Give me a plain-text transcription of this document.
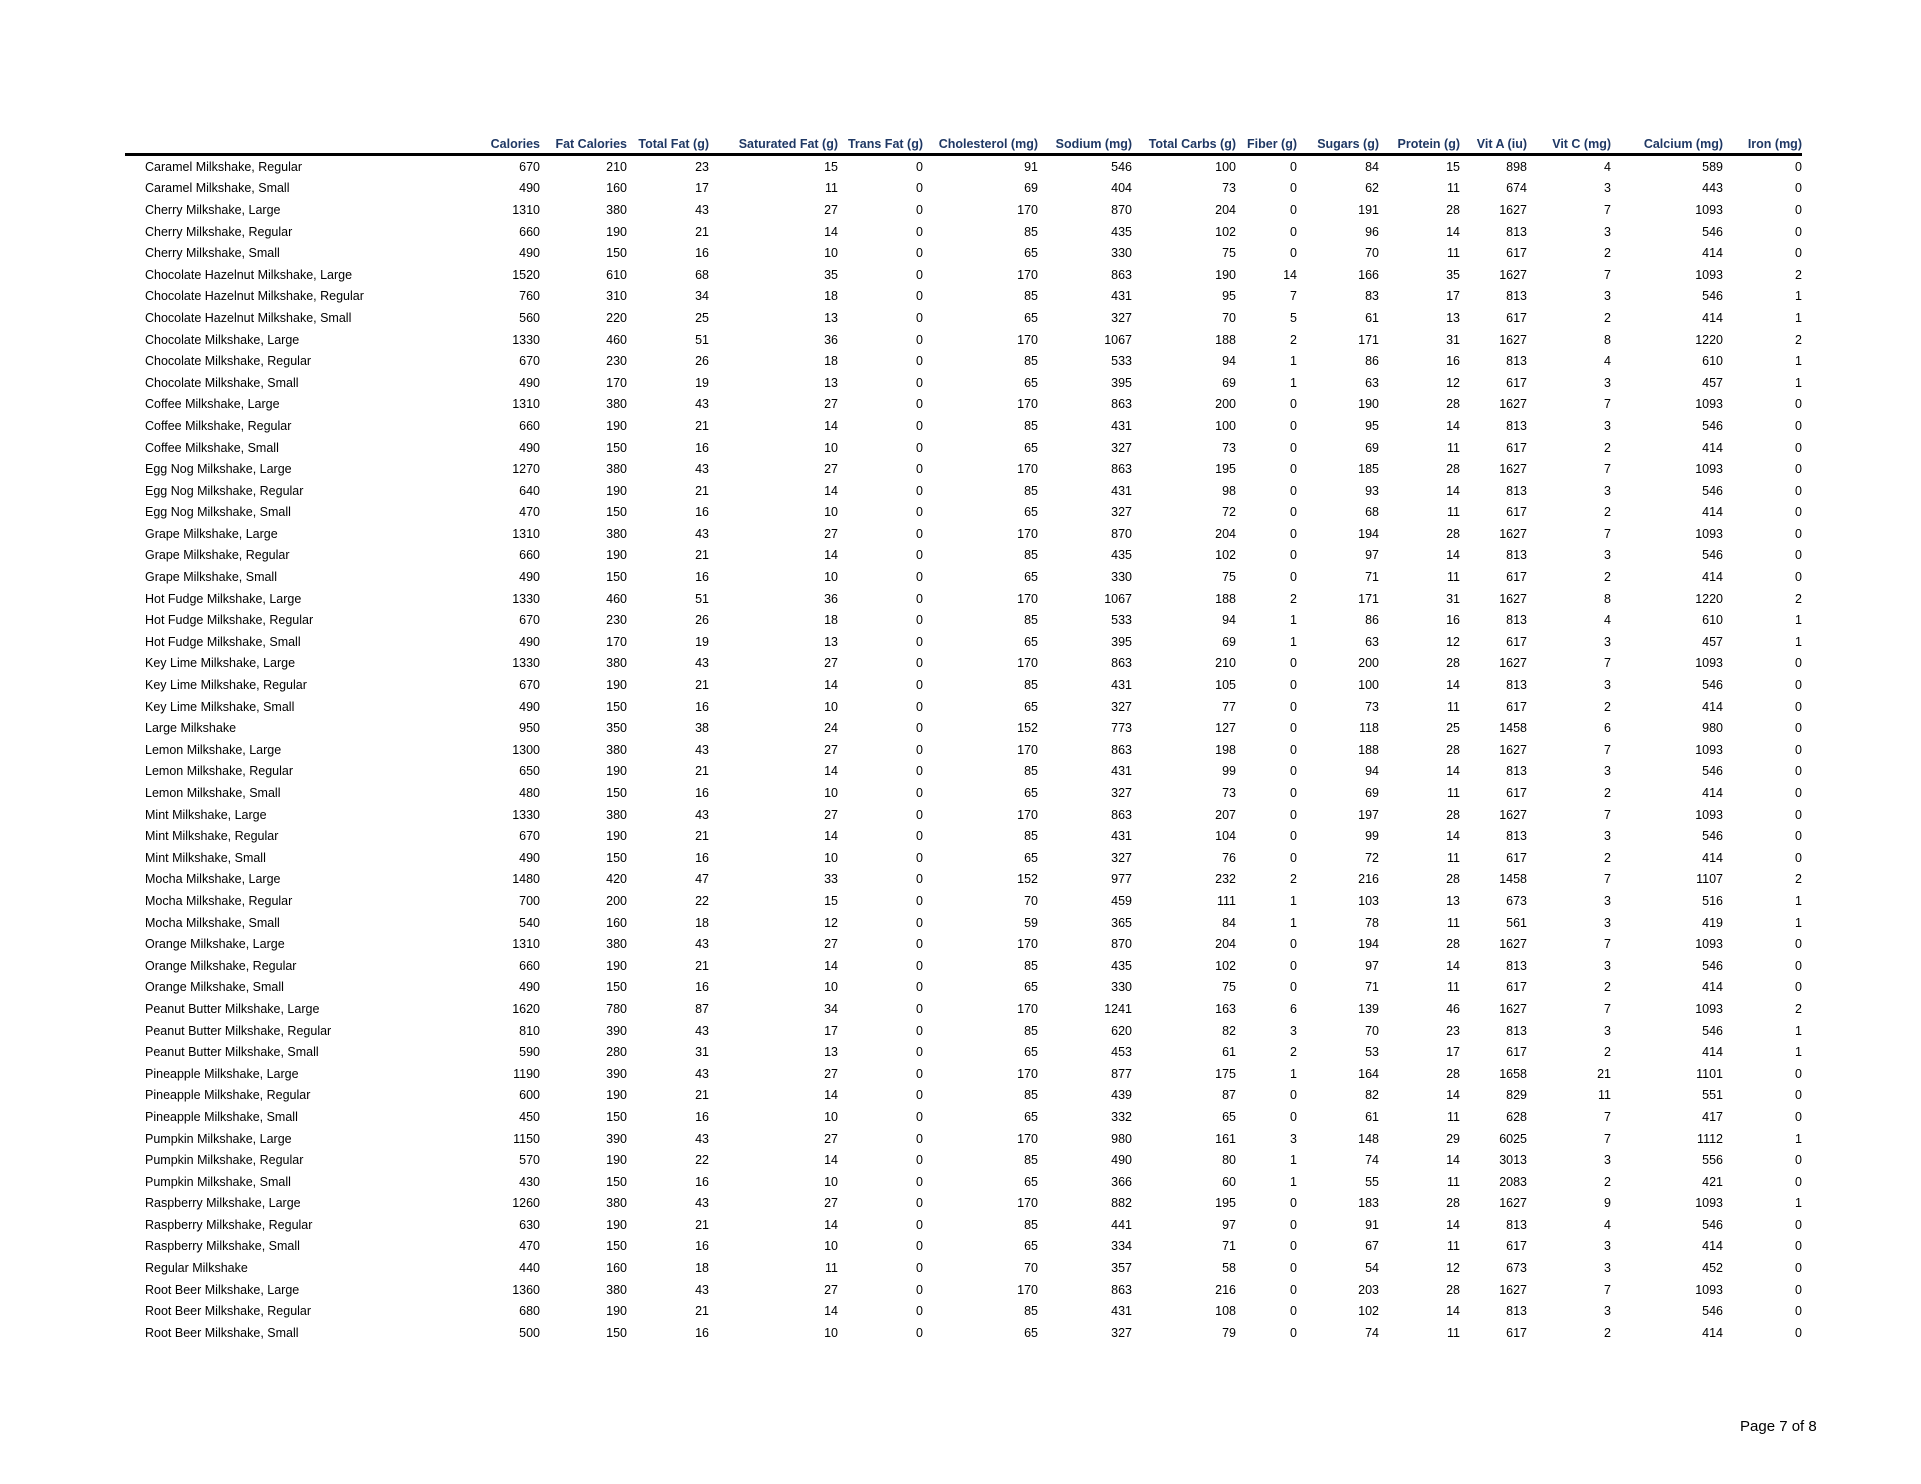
	Calories	Fat Calories	Total Fat (g)	Saturated Fat (g)	Trans Fat (g)	Cholesterol (mg)	Sodium (mg)	Total Carbs (g)	Fiber (g)	Sugars (g)	Protein (g)	Vit A (iu)	Vit C (mg)	Calcium (mg)	Iron (mg)
Caramel Milkshake, Regular	670	210	23	15	0	91	546	100	0	84	15	898	4	589	0
Caramel Milkshake, Small	490	160	17	11	0	69	404	73	0	62	11	674	3	443	0
Cherry Milkshake, Large	1310	380	43	27	0	170	870	204	0	191	28	1627	7	1093	0
Cherry Milkshake, Regular	660	190	21	14	0	85	435	102	0	96	14	813	3	546	0
Cherry Milkshake, Small	490	150	16	10	0	65	330	75	0	70	11	617	2	414	0
Chocolate Hazelnut Milkshake, Large	1520	610	68	35	0	170	863	190	14	166	35	1627	7	1093	2
Chocolate Hazelnut Milkshake, Regular	760	310	34	18	0	85	431	95	7	83	17	813	3	546	1
Chocolate Hazelnut Milkshake, Small	560	220	25	13	0	65	327	70	5	61	13	617	2	414	1
Chocolate Milkshake, Large	1330	460	51	36	0	170	1067	188	2	171	31	1627	8	1220	2
Chocolate Milkshake, Regular	670	230	26	18	0	85	533	94	1	86	16	813	4	610	1
Chocolate Milkshake, Small	490	170	19	13	0	65	395	69	1	63	12	617	3	457	1
Coffee Milkshake, Large	1310	380	43	27	0	170	863	200	0	190	28	1627	7	1093	0
Coffee Milkshake, Regular	660	190	21	14	0	85	431	100	0	95	14	813	3	546	0
Coffee Milkshake, Small	490	150	16	10	0	65	327	73	0	69	11	617	2	414	0
Egg Nog Milkshake, Large	1270	380	43	27	0	170	863	195	0	185	28	1627	7	1093	0
Egg Nog Milkshake, Regular	640	190	21	14	0	85	431	98	0	93	14	813	3	546	0
Egg Nog Milkshake, Small	470	150	16	10	0	65	327	72	0	68	11	617	2	414	0
Grape Milkshake, Large	1310	380	43	27	0	170	870	204	0	194	28	1627	7	1093	0
Grape Milkshake, Regular	660	190	21	14	0	85	435	102	0	97	14	813	3	546	0
Grape Milkshake, Small	490	150	16	10	0	65	330	75	0	71	11	617	2	414	0
Hot Fudge Milkshake, Large	1330	460	51	36	0	170	1067	188	2	171	31	1627	8	1220	2
Hot Fudge Milkshake, Regular	670	230	26	18	0	85	533	94	1	86	16	813	4	610	1
Hot Fudge Milkshake, Small	490	170	19	13	0	65	395	69	1	63	12	617	3	457	1
Key Lime Milkshake, Large	1330	380	43	27	0	170	863	210	0	200	28	1627	7	1093	0
Key Lime Milkshake, Regular	670	190	21	14	0	85	431	105	0	100	14	813	3	546	0
Key Lime Milkshake, Small	490	150	16	10	0	65	327	77	0	73	11	617	2	414	0
Large Milkshake	950	350	38	24	0	152	773	127	0	118	25	1458	6	980	0
Lemon Milkshake, Large	1300	380	43	27	0	170	863	198	0	188	28	1627	7	1093	0
Lemon Milkshake, Regular	650	190	21	14	0	85	431	99	0	94	14	813	3	546	0
Lemon Milkshake, Small	480	150	16	10	0	65	327	73	0	69	11	617	2	414	0
Mint Milkshake, Large	1330	380	43	27	0	170	863	207	0	197	28	1627	7	1093	0
Mint Milkshake, Regular	670	190	21	14	0	85	431	104	0	99	14	813	3	546	0
Mint Milkshake, Small	490	150	16	10	0	65	327	76	0	72	11	617	2	414	0
Mocha Milkshake, Large	1480	420	47	33	0	152	977	232	2	216	28	1458	7	1107	2
Mocha Milkshake, Regular	700	200	22	15	0	70	459	111	1	103	13	673	3	516	1
Mocha Milkshake, Small	540	160	18	12	0	59	365	84	1	78	11	561	3	419	1
Orange Milkshake, Large	1310	380	43	27	0	170	870	204	0	194	28	1627	7	1093	0
Orange Milkshake, Regular	660	190	21	14	0	85	435	102	0	97	14	813	3	546	0
Orange Milkshake, Small	490	150	16	10	0	65	330	75	0	71	11	617	2	414	0
Peanut Butter Milkshake, Large	1620	780	87	34	0	170	1241	163	6	139	46	1627	7	1093	2
Peanut Butter Milkshake, Regular	810	390	43	17	0	85	620	82	3	70	23	813	3	546	1
Peanut Butter Milkshake, Small	590	280	31	13	0	65	453	61	2	53	17	617	2	414	1
Pineapple Milkshake, Large	1190	390	43	27	0	170	877	175	1	164	28	1658	21	1101	0
Pineapple Milkshake, Regular	600	190	21	14	0	85	439	87	0	82	14	829	11	551	0
Pineapple Milkshake, Small	450	150	16	10	0	65	332	65	0	61	11	628	7	417	0
Pumpkin Milkshake, Large	1150	390	43	27	0	170	980	161	3	148	29	6025	7	1112	1
Pumpkin Milkshake, Regular	570	190	22	14	0	85	490	80	1	74	14	3013	3	556	0
Pumpkin Milkshake, Small	430	150	16	10	0	65	366	60	1	55	11	2083	2	421	0
Raspberry Milkshake, Large	1260	380	43	27	0	170	882	195	0	183	28	1627	9	1093	1
Raspberry Milkshake, Regular	630	190	21	14	0	85	441	97	0	91	14	813	4	546	0
Raspberry Milkshake, Small	470	150	16	10	0	65	334	71	0	67	11	617	3	414	0
Regular Milkshake	440	160	18	11	0	70	357	58	0	54	12	673	3	452	0
Root Beer Milkshake, Large	1360	380	43	27	0	170	863	216	0	203	28	1627	7	1093	0
Root Beer Milkshake, Regular	680	190	21	14	0	85	431	108	0	102	14	813	3	546	0
Root Beer Milkshake, Small	500	150	16	10	0	65	327	79	0	74	11	617	2	414	0
Page 7 of 8
